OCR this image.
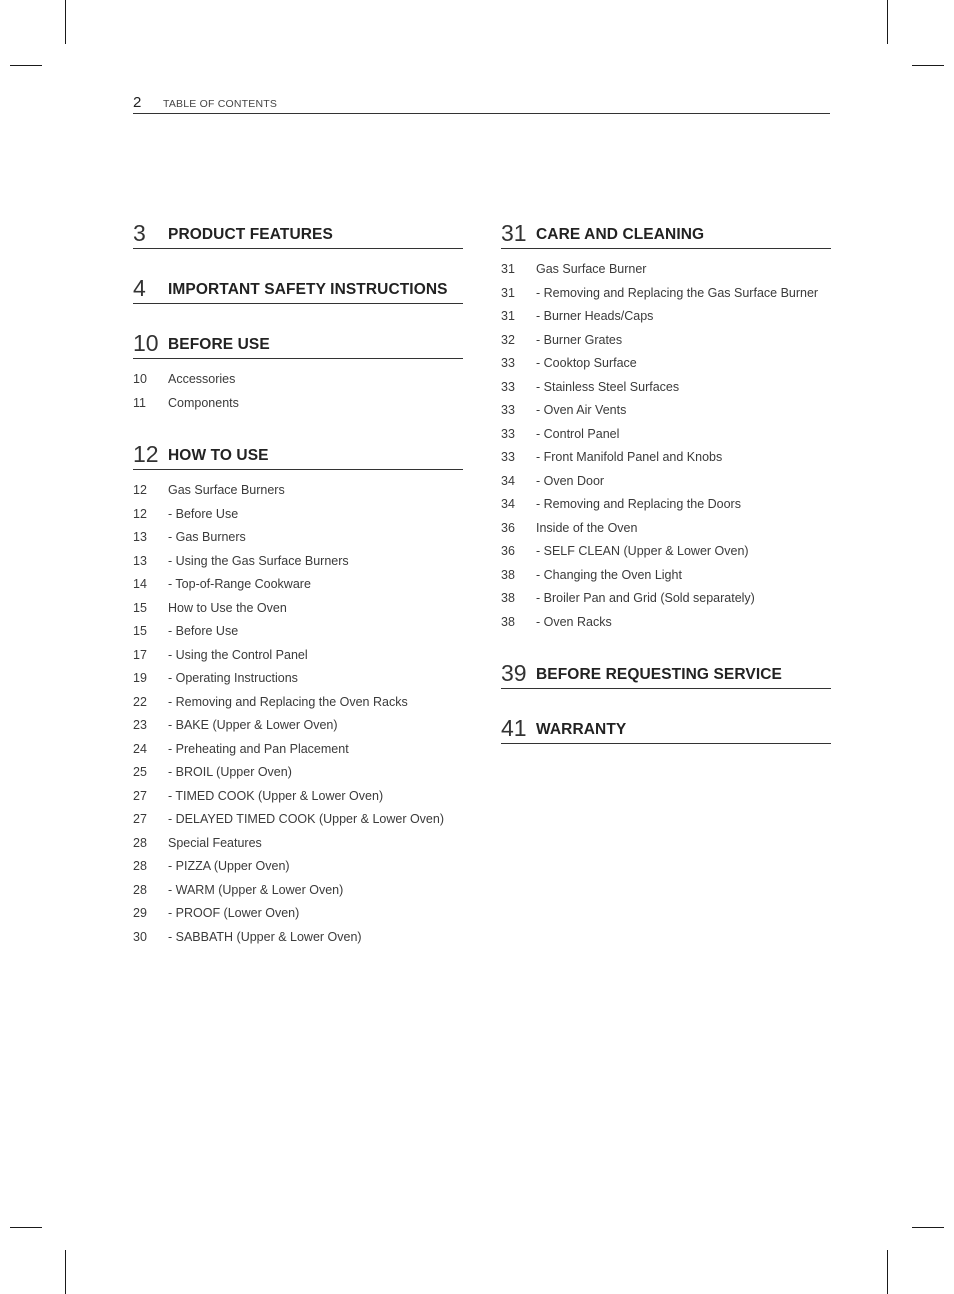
2 TABLE OF CONTENTS
3 PRODUCT FEATURES
4 IMPORTANT SAFETY INSTRUCTIONS
10 BEFORE USE
10 Accessories
11 Components
12 HOW TO USE
12 Gas Surface Burners
12 - Before Use
13 - Gas Burners
13 - Using the Gas Surface Burners
14 - Top-of-Range Cookware
15 How to Use the Oven
15 - Before Use
17 - Using the Control Panel
19 - Operating Instructions
22 - Removing and Replacing the Oven Racks
23 - BAKE (Upper & Lower Oven)
24 - Preheating and Pan Placement
25 - BROIL (Upper Oven)
27 - TIMED COOK (Upper & Lower Oven)
27 - DELAYED TIMED COOK (Upper & Lower Oven)
28 Special Features
28 - PIZZA (Upper Oven)
28 - WARM (Upper & Lower Oven)
29 - PROOF (Lower Oven)
30 - SABBATH (Upper & Lower Oven)
31 CARE AND CLEANING
31 Gas Surface Burner
31 - Removing and Replacing the Gas Surface Burner
31 - Burner Heads/Caps
32 - Burner Grates
33 - Cooktop Surface
33 - Stainless Steel Surfaces
33 - Oven Air Vents
33 - Control Panel
33 - Front Manifold Panel and Knobs
34 - Oven Door
34 - Removing and Replacing the Doors
36 Inside of the Oven
36 - SELF CLEAN (Upper & Lower Oven)
38 - Changing the Oven Light
38 - Broiler Pan and Grid (Sold separately)
38 - Oven Racks
39 BEFORE REQUESTING SERVICE
41 WARRANTY
